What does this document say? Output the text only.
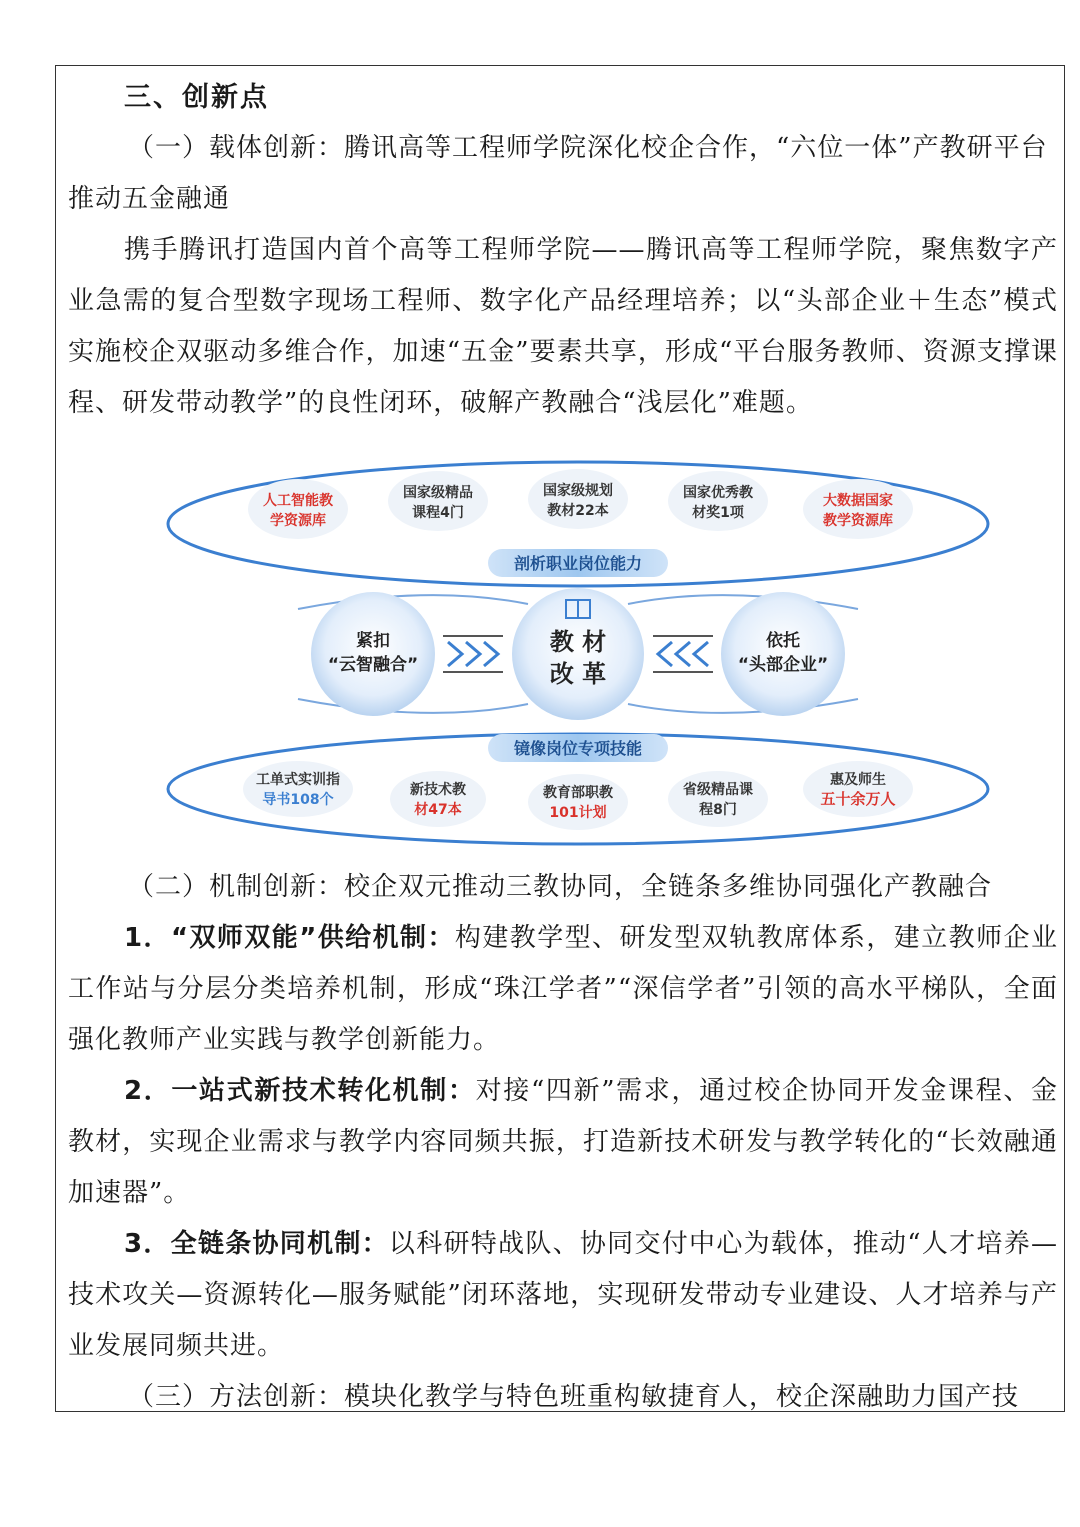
三、创新点

（一）载体创新：腾讯高等工程师学院深化校企合作，“六位一体”产教研平台推动五金融通

携手腾讯打造国内首个高等工程师学院——腾讯高等工程师学院，聚焦数字产业急需的复合型数字现场工程师、数字化产品经理培养；以“头部企业＋生态”模式实施校企双驱动多维合作，加速“五金”要素共享，形成“平台服务教师、资源支撑课程、研发带动教学”的良性闭环，破解产教融合“浅层化”难题。

人工智能教
学资源库
国家级精品
课程4门
国家级规划
教材22本
国家优秀教
材奖1项
大数据国家
教学资源库
剖析职业岗位能力
紧扣
“云智融合”
教 材
改 革
依托
“头部企业”
镜像岗位专项技能
工单式实训指
导书108个
新技术教
材47本
教育部职教
101计划
省级精品课
程8门
惠及师生
五十余万人

（二）机制创新：校企双元推动三教协同，全链条多维协同强化产教融合

1．“双师双能”供给机制：构建教学型、研发型双轨教席体系，建立教师企业工作站与分层分类培养机制，形成“珠江学者”“深信学者”引领的高水平梯队，全面强化教师产业实践与教学创新能力。

2．一站式新技术转化机制：对接“四新”需求，通过校企协同开发金课程、金教材，实现企业需求与教学内容同频共振，打造新技术研发与教学转化的“长效融通加速器”。

3．全链条协同机制：以科研特战队、协同交付中心为载体，推动“人才培养—技术攻关—资源转化—服务赋能”闭环落地，实现研发带动专业建设、人才培养与产业发展同频共进。

（三）方法创新：模块化教学与特色班重构敏捷育人，校企深融助力国产技
